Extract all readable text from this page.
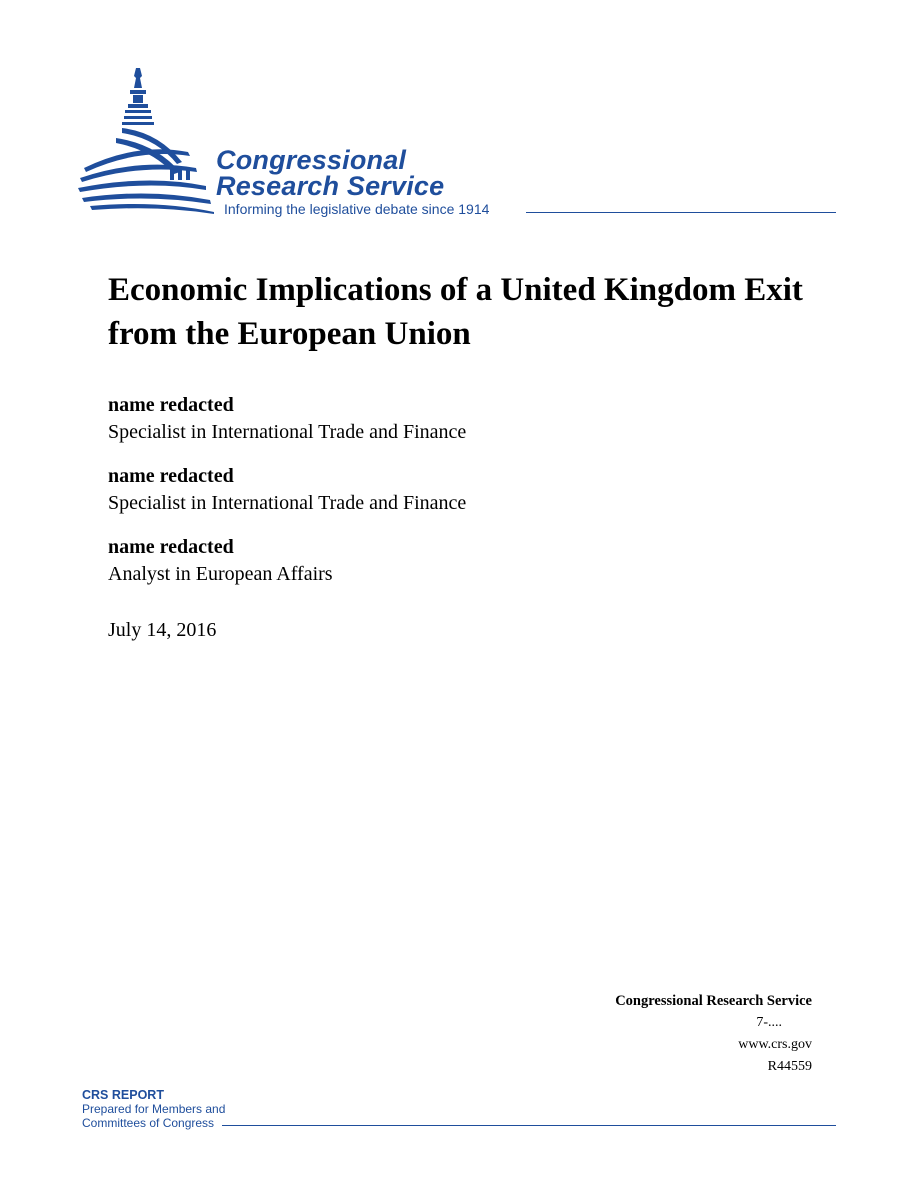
Congressional
Research Service
Informing the legislative debate since 1914
Economic Implications of a United Kingdom Exit from the European Union
name redacted
Specialist in International Trade and Finance
name redacted
Specialist in International Trade and Finance
name redacted
Analyst in European Affairs
July 14, 2016
Congressional Research Service
7-....
www.crs.gov
R44559
CRS REPORT
Prepared for Members and
Committees of Congress
